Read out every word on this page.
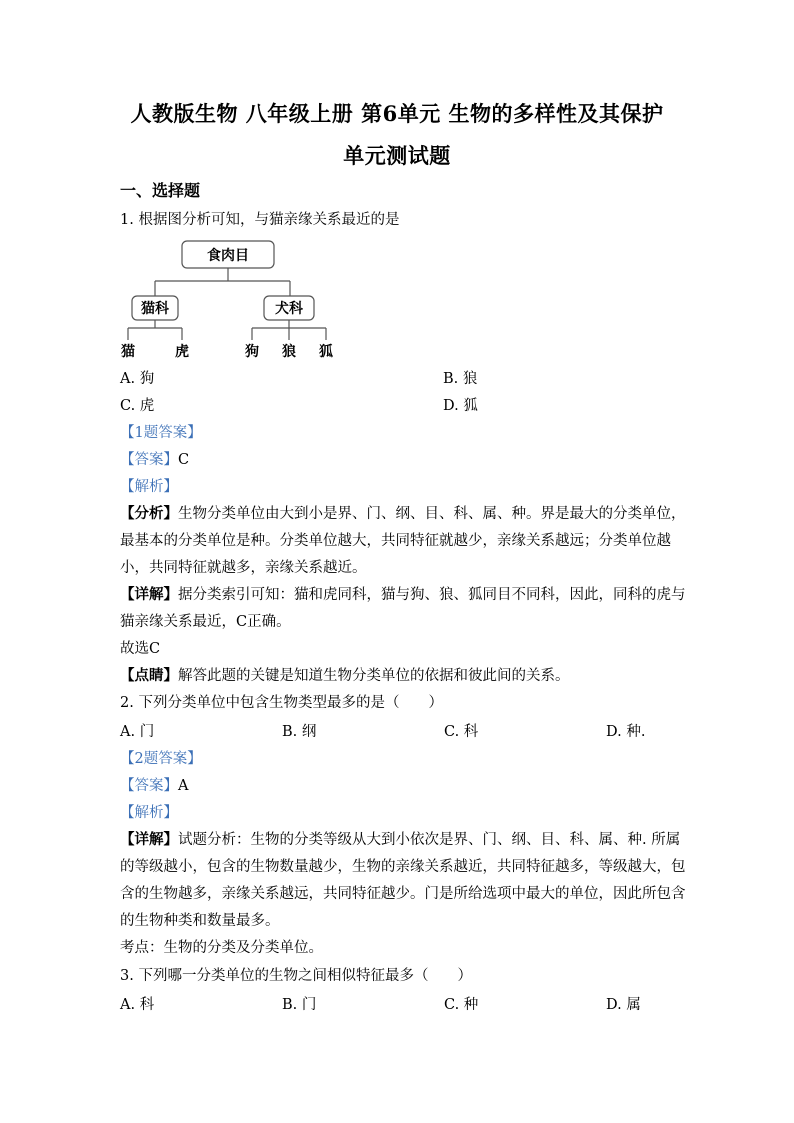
人教版生物 八年级上册 第6单元 生物的多样性及其保护
单元测试题
一、选择题
1. 根据图分析可知，与猫亲缘关系最近的是
食肉目
猫科	犬科
猫	虎	狗 狼 狐
A. 狗	B. 狼
C. 虎	D. 狐
【1题答案】
【答案】C
【解析】
【分析】生物分类单位由大到小是界、门、纲、目、科、属、种。界是最大的分类单位，
最基本的分类单位是种。分类单位越大，共同特征就越少，亲缘关系越远；分类单位越
小，共同特征就越多，亲缘关系越近。
【详解】据分类索引可知：猫和虎同科，猫与狗、狼、狐同目不同科，因此，同科的虎与
猫亲缘关系最近，C正确。
故选C
【点睛】解答此题的关键是知道生物分类单位的依据和彼此间的关系。
2. 下列分类单位中包含生物类型最多的是（　　）
A. 门	B. 纲	C. 科	D. 种.
【2题答案】
【答案】A
【解析】
【详解】试题分析：生物的分类等级从大到小依次是界、门、纲、目、科、属、种. 所属
的等级越小，包含的生物数量越少，生物的亲缘关系越近，共同特征越多，等级越大，包
含的生物越多，亲缘关系越远，共同特征越少。门是所给选项中最大的单位，因此所包含
的生物种类和数量最多。
考点：生物的分类及分类单位。
3. 下列哪一分类单位的生物之间相似特征最多（　　）
A. 科	B. 门	C. 种	D. 属
